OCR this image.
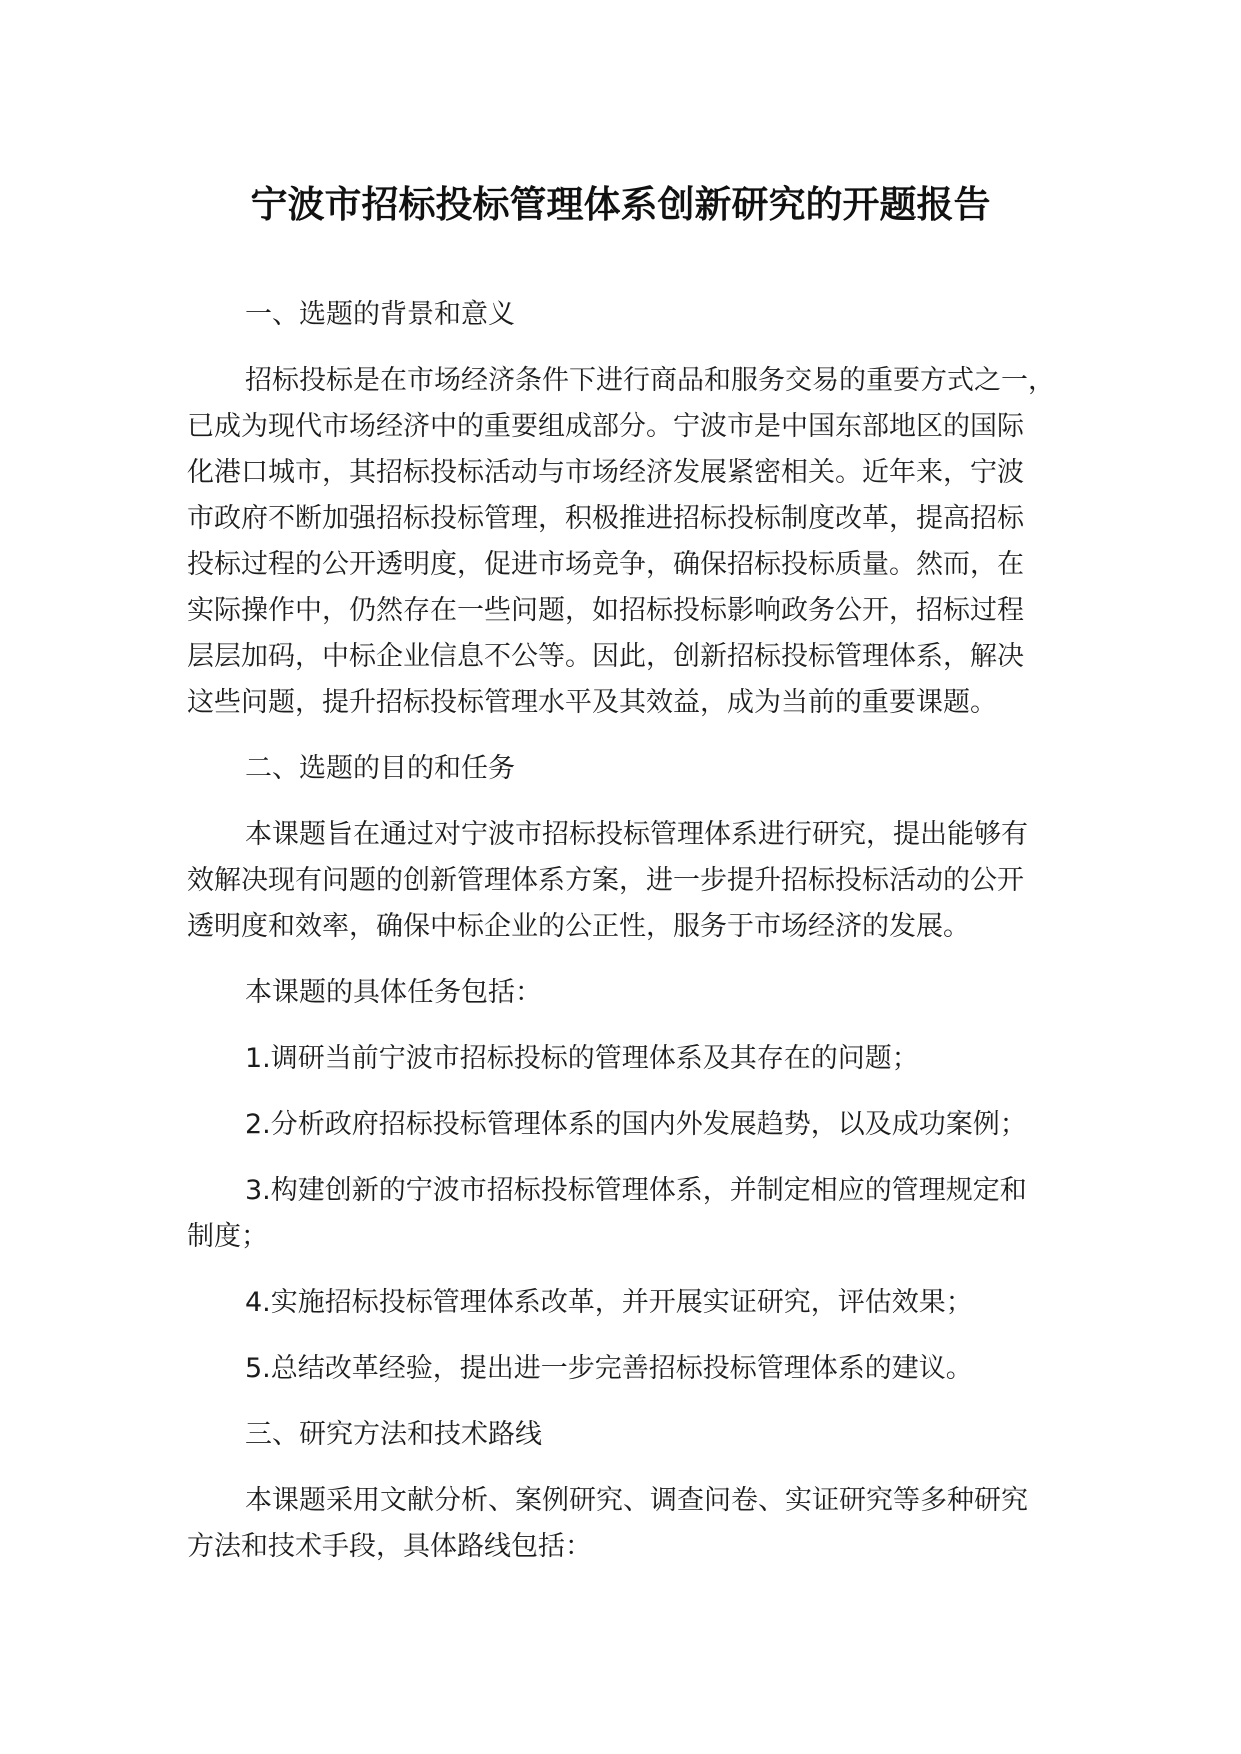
宁波市招标投标管理体系创新研究的开题报告
一、选题的背景和意义
招标投标是在市场经济条件下进行商品和服务交易的重要方式之一，
已成为现代市场经济中的重要组成部分。宁波市是中国东部地区的国际
化港口城市，其招标投标活动与市场经济发展紧密相关。近年来，宁波
市政府不断加强招标投标管理，积极推进招标投标制度改革，提高招标
投标过程的公开透明度，促进市场竞争，确保招标投标质量。然而，在
实际操作中，仍然存在一些问题，如招标投标影响政务公开，招标过程
层层加码，中标企业信息不公等。因此，创新招标投标管理体系，解决
这些问题，提升招标投标管理水平及其效益，成为当前的重要课题。
二、选题的目的和任务
本课题旨在通过对宁波市招标投标管理体系进行研究，提出能够有
效解决现有问题的创新管理体系方案，进一步提升招标投标活动的公开
透明度和效率，确保中标企业的公正性，服务于市场经济的发展。
本课题的具体任务包括：
1.调研当前宁波市招标投标的管理体系及其存在的问题；
2.分析政府招标投标管理体系的国内外发展趋势，以及成功案例；
3.构建创新的宁波市招标投标管理体系，并制定相应的管理规定和
制度；
4.实施招标投标管理体系改革，并开展实证研究，评估效果；
5.总结改革经验，提出进一步完善招标投标管理体系的建议。
三、研究方法和技术路线
本课题采用文献分析、案例研究、调查问卷、实证研究等多种研究
方法和技术手段，具体路线包括：
